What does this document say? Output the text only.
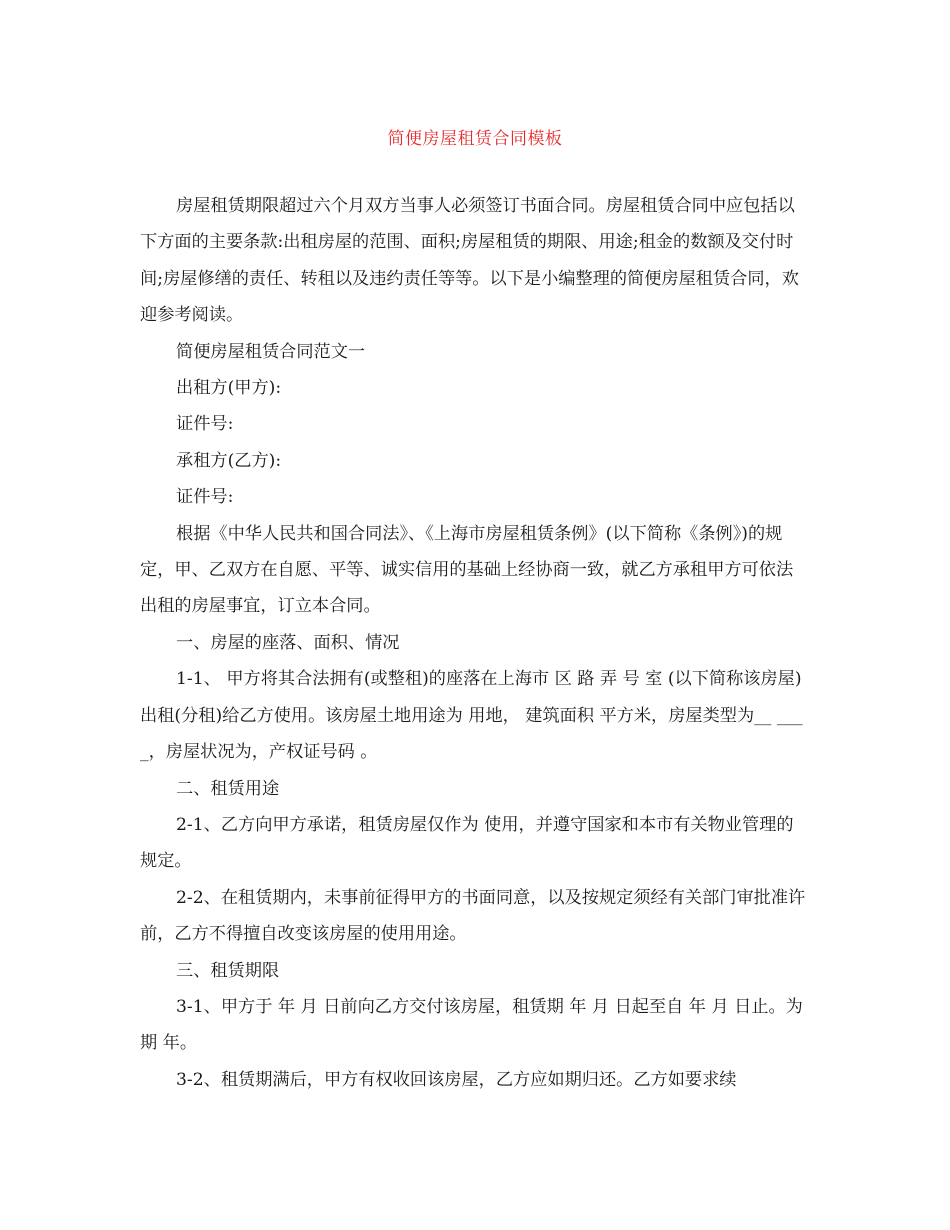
简便房屋租赁合同模板

房屋租赁期限超过六个月双方当事人必须签订书面合同。房屋租赁合同中应包括以下方面的主要条款:出租房屋的范围、面积;房屋租赁的期限、用途;租金的数额及交付时间;房屋修缮的责任、转租以及违约责任等等。以下是小编整理的简便房屋租赁合同，欢迎参考阅读。

简便房屋租赁合同范文一

出租方(甲方):

证件号:

承租方(乙方):

证件号:

根据《中华人民共和国合同法》、《上海市房屋租赁条例》(以下简称《条例》)的规定，甲、乙双方在自愿、平等、诚实信用的基础上经协商一致，就乙方承租甲方可依法出租的房屋事宜，订立本合同。

一、房屋的座落、面积、情况

1-1、 甲方将其合法拥有(或整租)的座落在上海市 区 路 弄 号 室 (以下简称该房屋)出租(分租)给乙方使用。该房屋土地用途为 用地， 建筑面积 平方米，房屋类型为__ ____，房屋状况为，产权证号码 。

二、租赁用途

2-1、乙方向甲方承诺，租赁房屋仅作为 使用，并遵守国家和本市有关物业管理的规定。

2-2、在租赁期内，未事前征得甲方的书面同意，以及按规定须经有关部门审批准许前，乙方不得擅自改变该房屋的使用用途。

三、租赁期限

3-1、甲方于 年 月 日前向乙方交付该房屋，租赁期 年 月 日起至自 年 月 日止。为期 年。

3-2、租赁期满后，甲方有权收回该房屋，乙方应如期归还。乙方如要求续
